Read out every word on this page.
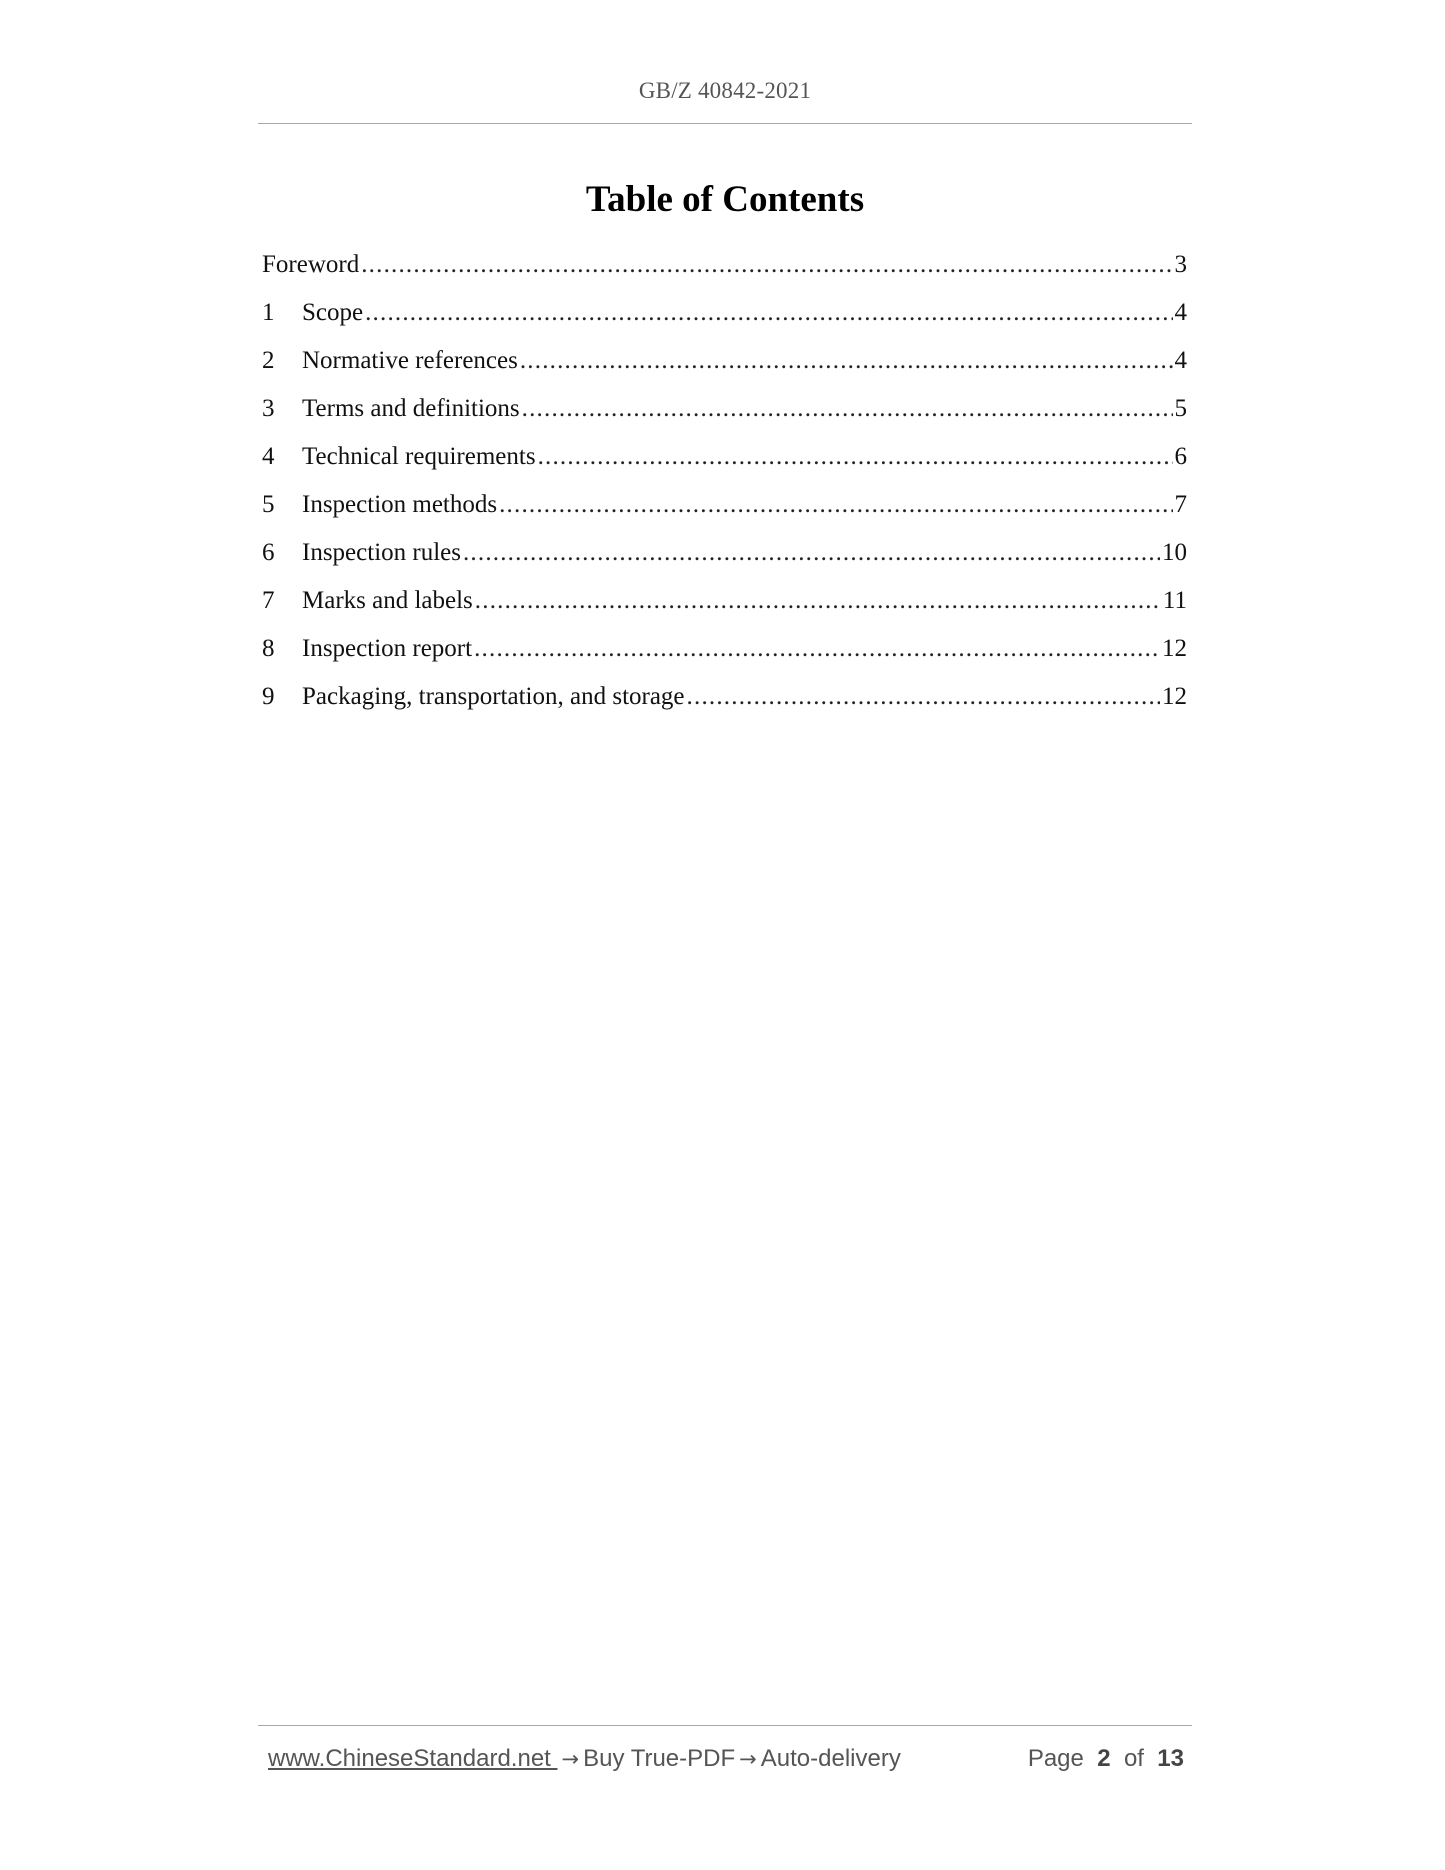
GB/Z 40842-2021
Table of Contents
Foreword .....	3
1	Scope .....	4
2	Normative references .....	4
3	Terms and definitions .....	5
4	Technical requirements .....	6
5	Inspection methods .....	7
6	Inspection rules .....	10
7	Marks and labels .....	11
8	Inspection report .....	12
9	Packaging, transportation, and storage .....	12
www.ChineseStandard.net → Buy True-PDF → Auto-delivery	Page 2 of 13
